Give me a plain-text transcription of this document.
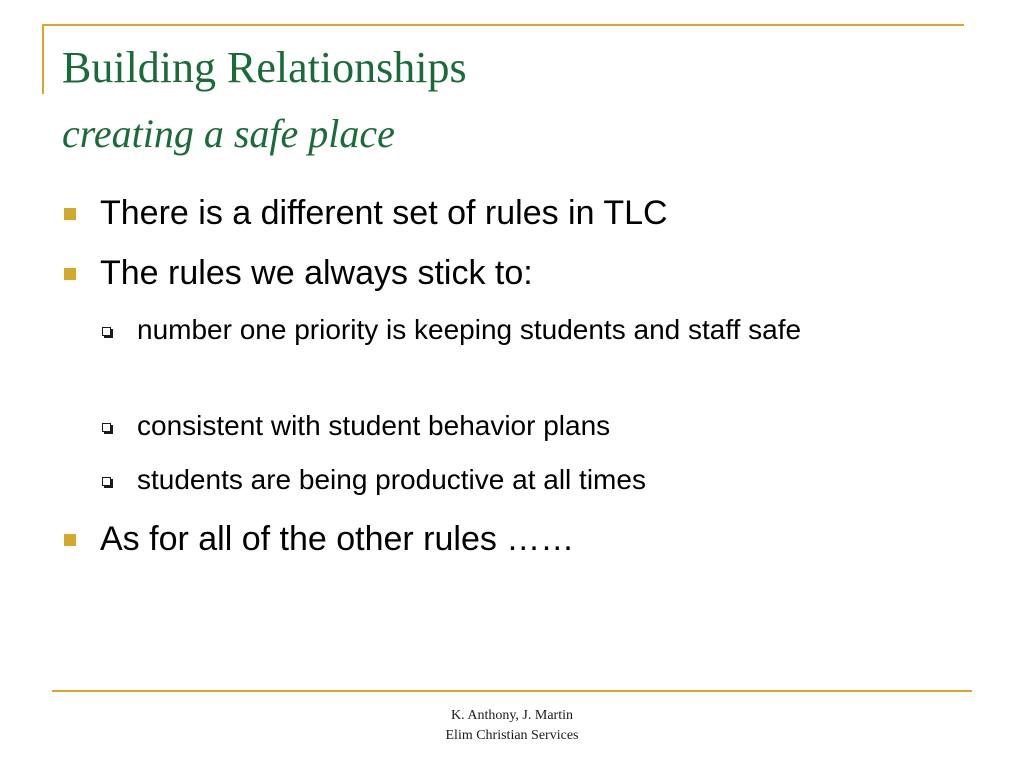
Building Relationships
creating a safe place
There is a different set of rules in TLC
The rules we always stick to:
number one priority is keeping students and staff safe
consistent with student behavior plans
students are being productive at all times
As for all of the other rules ……
K. Anthony, J. Martin
Elim Christian Services
